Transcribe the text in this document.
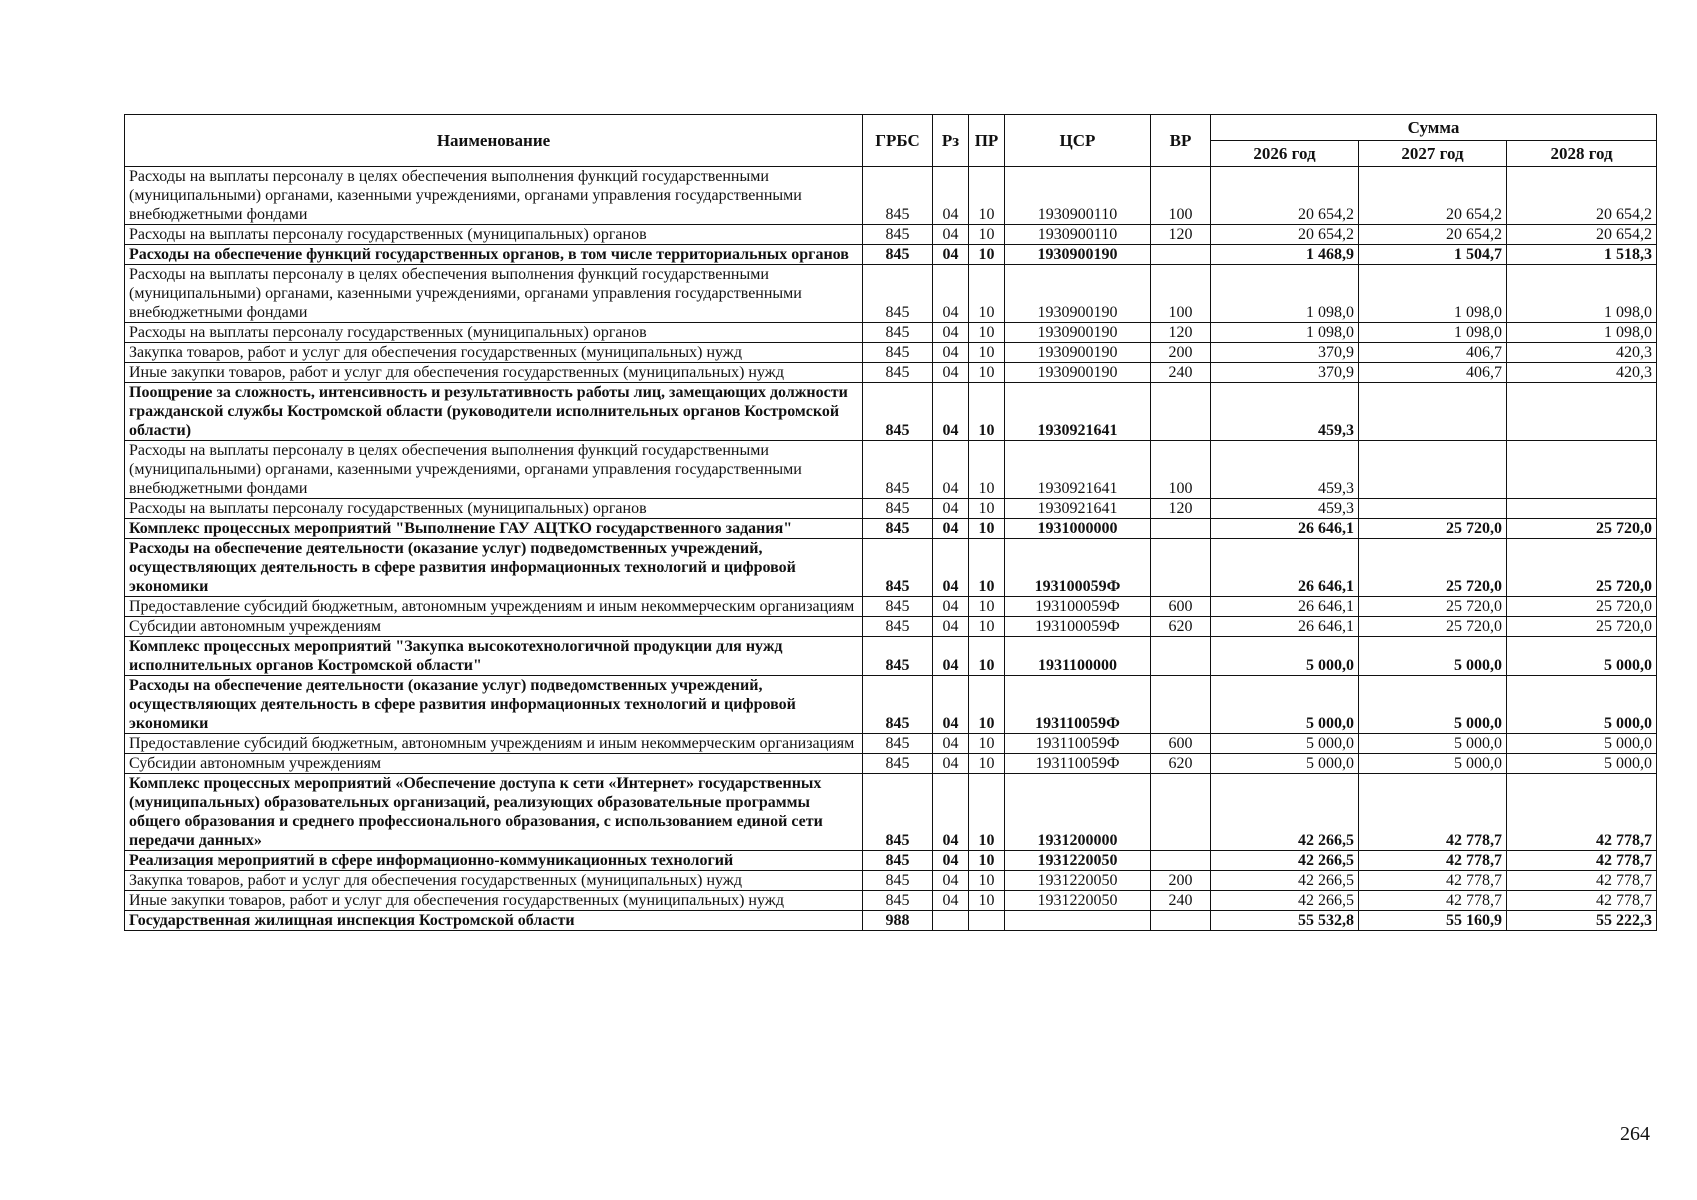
Наименование	ГРБС	Рз	ПР	ЦСР	ВР	Сумма		
						2026 год	2027 год	2028 год
Расходы на выплаты персоналу в целях обеспечения выполнения функций государственными (муниципальными) органами, казенными учреждениями, органами управления государственными внебюджетными фондами	845	04	10	1930900110	100	20 654,2	20 654,2	20 654,2
Расходы на выплаты персоналу государственных (муниципальных) органов	845	04	10	1930900110	120	20 654,2	20 654,2	20 654,2
Расходы на обеспечение функций государственных органов, в том числе территориальных органов	845	04	10	1930900190		1 468,9	1 504,7	1 518,3
Расходы на выплаты персоналу в целях обеспечения выполнения функций государственными (муниципальными) органами, казенными учреждениями, органами управления государственными внебюджетными фондами	845	04	10	1930900190	100	1 098,0	1 098,0	1 098,0
Расходы на выплаты персоналу государственных (муниципальных) органов	845	04	10	1930900190	120	1 098,0	1 098,0	1 098,0
Закупка товаров, работ и услуг для обеспечения государственных (муниципальных) нужд	845	04	10	1930900190	200	370,9	406,7	420,3
Иные закупки товаров, работ и услуг для обеспечения государственных (муниципальных) нужд	845	04	10	1930900190	240	370,9	406,7	420,3
Поощрение за сложность, интенсивность и результативность работы лиц, замещающих должности гражданской службы Костромской области (руководители исполнительных органов Костромской области)	845	04	10	1930921641		459,3		
Расходы на выплаты персоналу в целях обеспечения выполнения функций государственными (муниципальными) органами, казенными учреждениями, органами управления государственными внебюджетными фондами	845	04	10	1930921641	100	459,3		
Расходы на выплаты персоналу государственных (муниципальных) органов	845	04	10	1930921641	120	459,3		
Комплекс процессных мероприятий "Выполнение ГАУ АЦТКО государственного задания"	845	04	10	1931000000		26 646,1	25 720,0	25 720,0
Расходы на обеспечение деятельности (оказание услуг) подведомственных учреждений, осуществляющих деятельность в сфере развития информационных технологий и цифровой экономики	845	04	10	193100059Ф		26 646,1	25 720,0	25 720,0
Предоставление субсидий бюджетным, автономным учреждениям и иным некоммерческим организациям	845	04	10	193100059Ф	600	26 646,1	25 720,0	25 720,0
Субсидии автономным учреждениям	845	04	10	193100059Ф	620	26 646,1	25 720,0	25 720,0
Комплекс процессных мероприятий "Закупка высокотехнологичной продукции для нужд исполнительных органов Костромской области"	845	04	10	1931100000		5 000,0	5 000,0	5 000,0
Расходы на обеспечение деятельности (оказание услуг) подведомственных учреждений, осуществляющих деятельность в сфере развития информационных технологий и цифровой экономики	845	04	10	193110059Ф		5 000,0	5 000,0	5 000,0
Предоставление субсидий бюджетным, автономным учреждениям и иным некоммерческим организациям	845	04	10	193110059Ф	600	5 000,0	5 000,0	5 000,0
Субсидии автономным учреждениям	845	04	10	193110059Ф	620	5 000,0	5 000,0	5 000,0
Комплекс процессных мероприятий «Обеспечение доступа к сети «Интернет» государственных (муниципальных) образовательных организаций, реализующих образовательные программы общего образования и среднего профессионального образования, с использованием единой сети передачи данных»	845	04	10	1931200000		42 266,5	42 778,7	42 778,7
Реализация мероприятий в сфере информационно-коммуникационных технологий	845	04	10	1931220050		42 266,5	42 778,7	42 778,7
Закупка товаров, работ и услуг для обеспечения государственных (муниципальных) нужд	845	04	10	1931220050	200	42 266,5	42 778,7	42 778,7
Иные закупки товаров, работ и услуг для обеспечения государственных (муниципальных) нужд	845	04	10	1931220050	240	42 266,5	42 778,7	42 778,7
Государственная жилищная инспекция Костромской области	988					55 532,8	55 160,9	55 222,3
264
